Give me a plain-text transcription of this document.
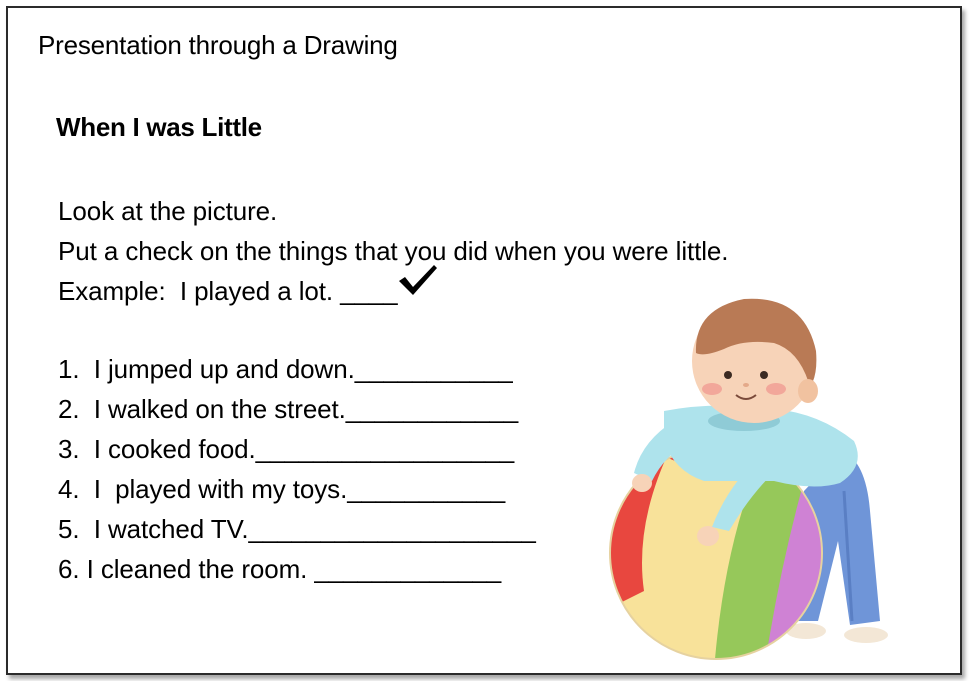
Presentation through a Drawing
When I was Little
Look at the picture.
Put a check on the things that you did when you were little.
Example:  I played a lot. ____
1.  I jumped up and down.___________
2.  I walked on the street.____________
3.  I cooked food.__________________
4.  I  played with my toys.___________
5.  I watched TV.____________________
6. I cleaned the room. _____________
